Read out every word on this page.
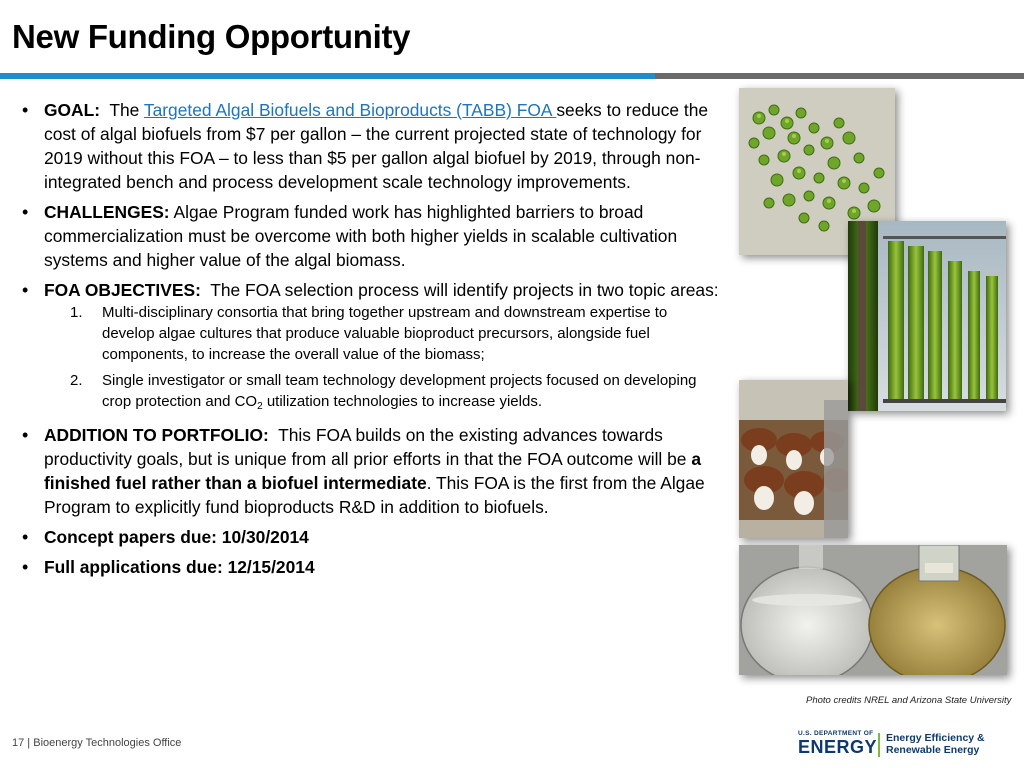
New Funding Opportunity
• GOAL: The Targeted Algal Biofuels and Bioproducts (TABB) FOA seeks to reduce the cost of algal biofuels from $7 per gallon – the current projected state of technology for 2019 without this FOA – to less than $5 per gallon algal biofuel by 2019, through non-integrated bench and process development scale technology improvements.
• CHALLENGES: Algae Program funded work has highlighted barriers to broad commercialization must be overcome with both higher yields in scalable cultivation systems and higher value of the algal biomass.
• FOA OBJECTIVES: The FOA selection process will identify projects in two topic areas:
1. Multi-disciplinary consortia that bring together upstream and downstream expertise to develop algae cultures that produce valuable bioproduct precursors, alongside fuel components, to increase the overall value of the biomass;
2. Single investigator or small team technology development projects focused on developing crop protection and $CO_2$ utilization technologies to increase yields.
• ADDITION TO PORTFOLIO: This FOA builds on the existing advances towards productivity goals, but is unique from all prior efforts in that the FOA outcome will be a finished fuel rather than a biofuel intermediate. This FOA is the first from the Algae Program to explicitly fund bioproducts R&D in addition to biofuels.
• Concept papers due: 10/30/2014
• Full applications due: 12/15/2014
Photo credits NREL and Arizona State University
17 | Bioenergy Technologies Office
U.S. DEPARTMENT OF
ENERGY Energy Efficiency &
Renewable Energy
